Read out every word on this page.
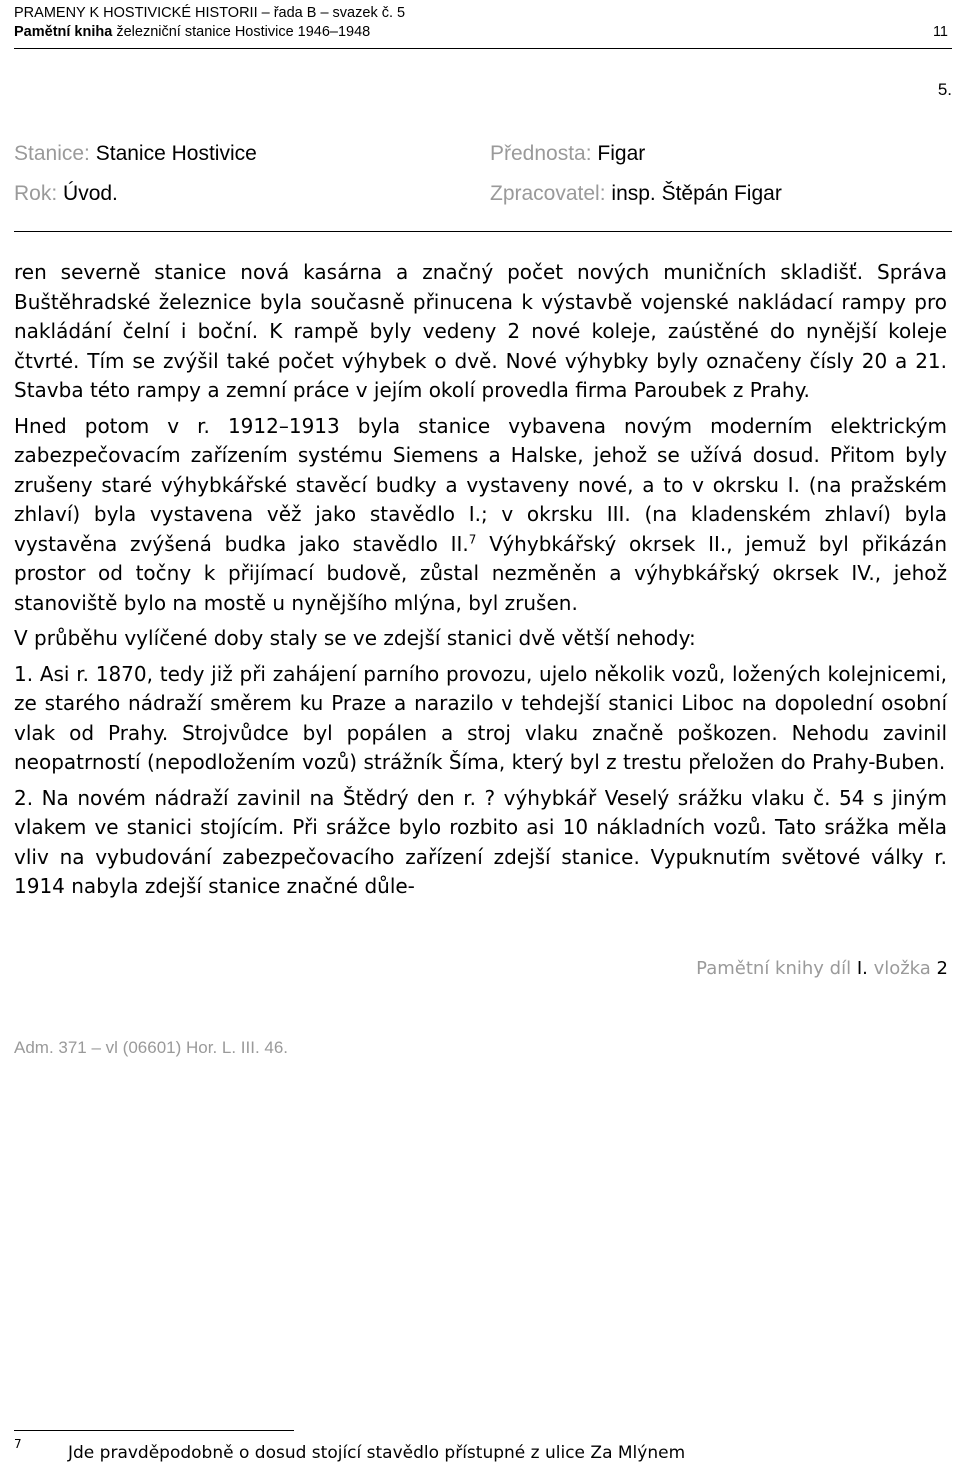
PRAMENY K HOSTIVICKÉ HISTORII – řada B – svazek č. 5
Pamětní kniha železniční stanice Hostivice 1946–1948	11
5.
Stanice: Stanice Hostivice	Přednosta: Figar
Rok: Úvod.	Zpracovatel: insp. Štěpán Figar

ren severně stanice nová kasárna a značný počet nových muničních skladišť. Správa Buštěhradské železnice byla současně přinucena k výstavbě vojenské nakládací rampy pro nakládání čelní i boční. K rampě byly vedeny 2 nové koleje, zaústěné do nynější koleje čtvrté. Tím se zvýšil také počet výhybek o dvě. Nové výhybky byly označeny čísly 20 a 21. Stavba této rampy a zemní práce v jejím okolí provedla firma Paroubek z Prahy.

Hned potom v r. 1912–1913 byla stanice vybavena novým moderním elektrickým zabezpečovacím zařízením systému Siemens a Halske, jehož se užívá dosud. Přitom byly zrušeny staré výhybkářské stavěcí budky a vystaveny nové, a to v okrsku I. (na pražském zhlaví) byla vystavena věž jako stavědlo I.; v okrsku III. (na kladenském zhlaví) byla vystavěna zvýšená budka jako stavědlo II.$^7$ Výhybkářský okrsek II., jemuž byl přikázán prostor od točny k přijímací budově, zůstal nezměněn a výhybkářský okrsek IV., jehož stanoviště bylo na mostě u nynějšího mlýna, byl zrušen.

V průběhu vylíčené doby staly se ve zdejší stanici dvě větší nehody:

1. Asi r. 1870, tedy již při zahájení parního provozu, ujelo několik vozů, ložených kolejnicemi, ze starého nádraží směrem ku Praze a narazilo v tehdejší stanici Liboc na dopolední osobní vlak od Prahy. Strojvůdce byl popálen a stroj vlaku značně poškozen. Nehodu zavinil neopatrností (nepodložením vozů) strážník Šíma, který byl z trestu přeložen do Prahy-Buben.

2. Na novém nádraží zavinil na Štědrý den r. ? výhybkář Veselý srážku vlaku č. 54 s jiným vlakem ve stanici stojícím. Při srážce bylo rozbito asi 10 nákladních vozů. Tato srážka měla vliv na vybudování zabezpečovacího zařízení zdejší stanice. Vypuknutím světové války r. 1914 nabyla zdejší stanice značné důle-

Pamětní knihy díl I. vložka 2
Adm. 371 – vl (06601) Hor. L. III. 46.
7	Jde pravděpodobně o dosud stojící stavědlo přístupné z ulice Za Mlýnem
